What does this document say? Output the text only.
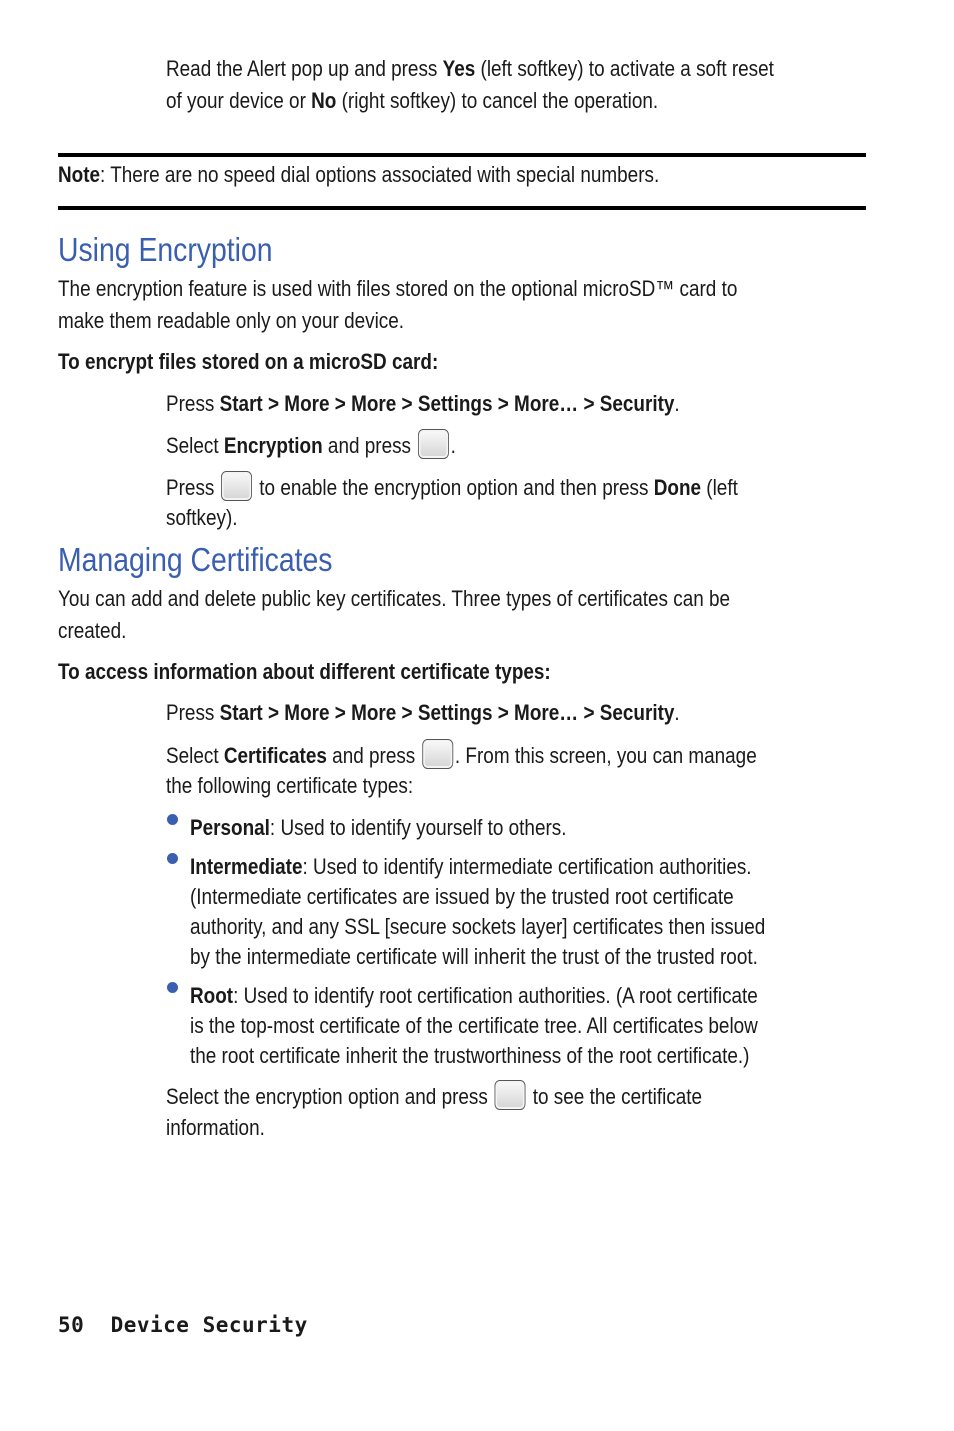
Read the Alert pop up and press Yes (left softkey) to activate a soft reset
of your device or No (right softkey) to cancel the operation.
Note: There are no speed dial options associated with special numbers.
Using Encryption
The encryption feature is used with files stored on the optional microSD™ card to
make them readable only on your device.
To encrypt files stored on a microSD card:
Press Start > More > More > Settings > More… > Security.
Select Encryption and press .
Press  to enable the encryption option and then press Done (left
softkey).
Managing Certificates
You can add and delete public key certificates. Three types of certificates can be
created.
To access information about different certificate types:
Press Start > More > More > Settings > More… > Security.
Select Certificates and press . From this screen, you can manage
the following certificate types:
Personal: Used to identify yourself to others.
Intermediate: Used to identify intermediate certification authorities.
(Intermediate certificates are issued by the trusted root certificate
authority, and any SSL [secure sockets layer] certificates then issued
by the intermediate certificate will inherit the trust of the trusted root.
Root: Used to identify root certification authorities. (A root certificate
is the top-most certificate of the certificate tree. All certificates below
the root certificate inherit the trustworthiness of the root certificate.)
Select the encryption option and press  to see the certificate
information.
50 Device Security
